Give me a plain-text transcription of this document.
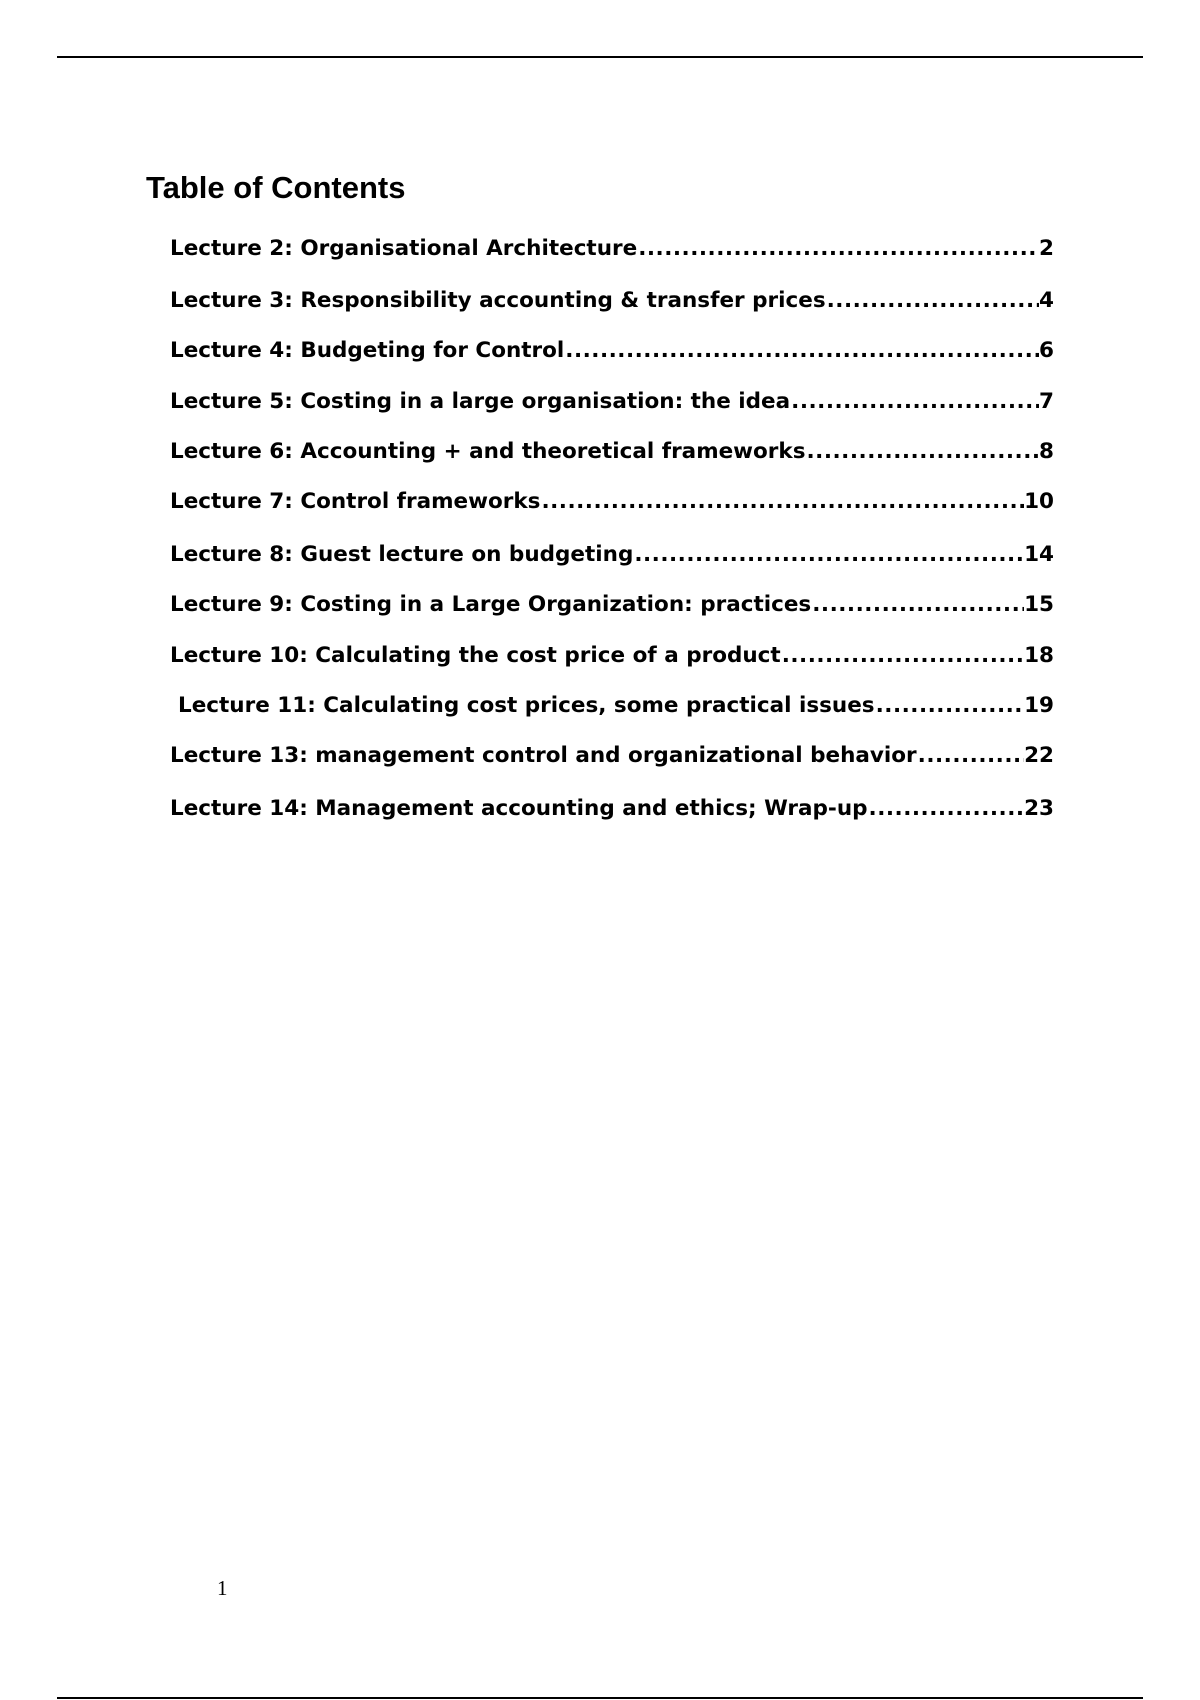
Table of Contents
Lecture 2: Organisational Architecture .....	2
Lecture 3: Responsibility accounting & transfer prices .....	4
Lecture 4: Budgeting for Control .....	6
Lecture 5: Costing in a large organisation: the idea .....	7
Lecture 6: Accounting + and theoretical frameworks .....	8
Lecture 7: Control frameworks .....	10
Lecture 8: Guest lecture on budgeting .....	14
Lecture 9: Costing in a Large Organization: practices .....	15
Lecture 10: Calculating the cost price of a product .....	18
Lecture 11: Calculating cost prices, some practical issues .....	19
Lecture 13: management control and organizational behavior .....	22
Lecture 14: Management accounting and ethics; Wrap-up .....	23
1
